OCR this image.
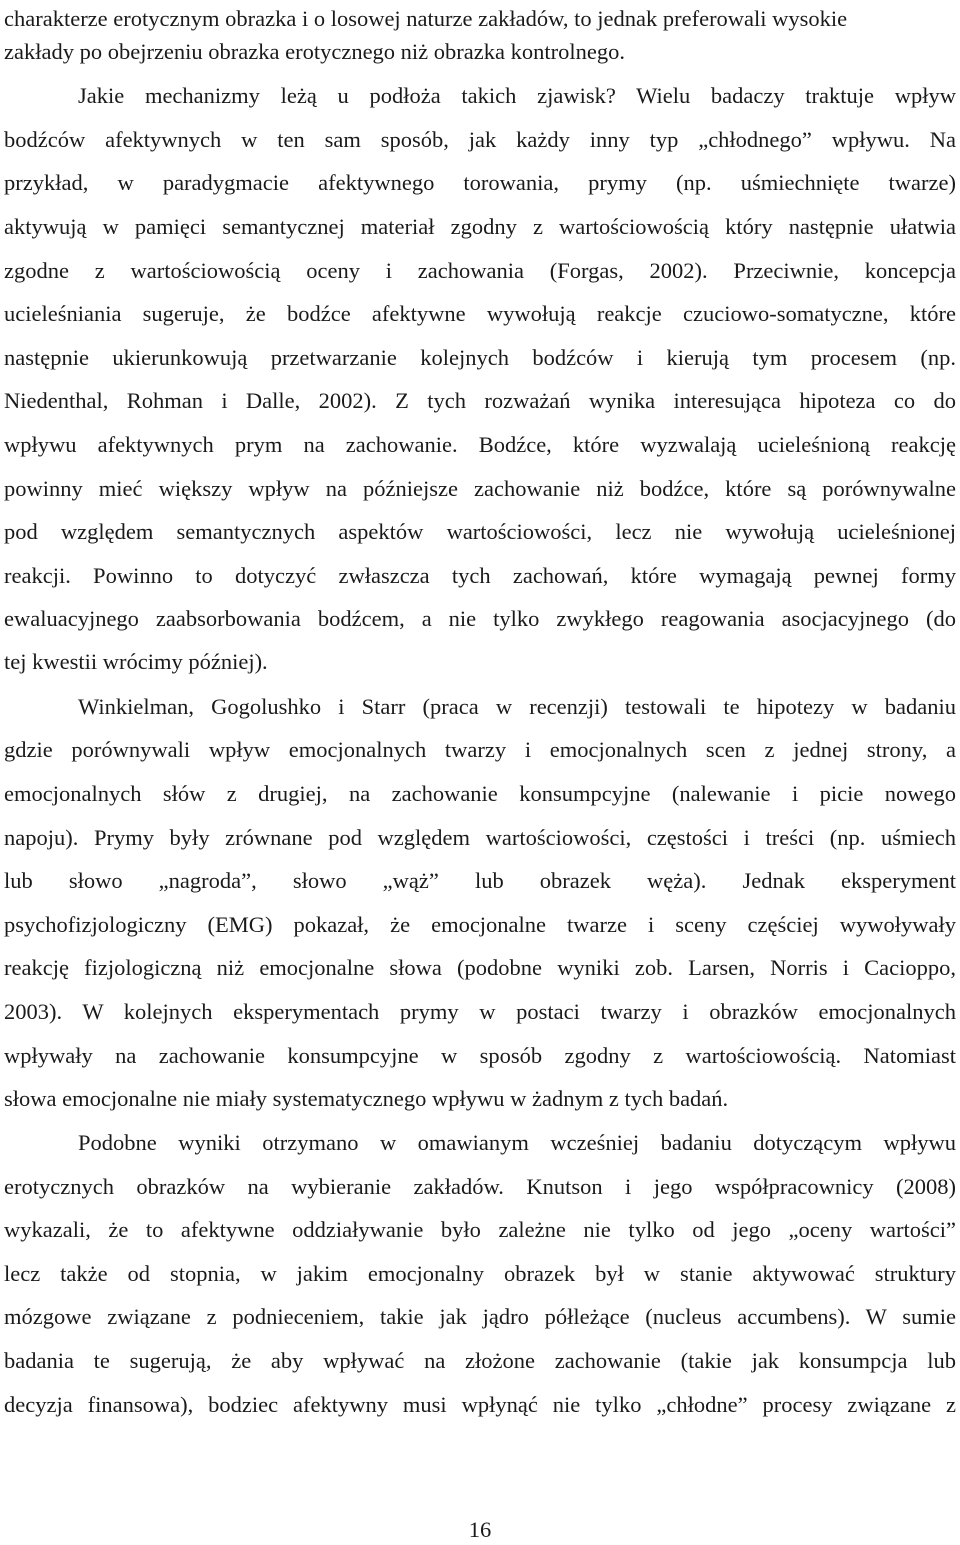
charakterze erotycznym obrazka i o losowej naturze zakładów, to jednak preferowali wysokie
zakłady po obejrzeniu obrazka erotycznego niż obrazka kontrolnego.
Jakie mechanizmy leżą u podłoża takich zjawisk? Wielu badaczy traktuje wpływ
bodźców afektywnych w ten sam sposób, jak każdy inny typ „chłodnego” wpływu. Na
przykład, w paradygmacie afektywnego torowania, prymy (np. uśmiechnięte twarze)
aktywują w pamięci semantycznej materiał zgodny z wartościowością który następnie ułatwia
zgodne z wartościowością oceny i zachowania (Forgas, 2002). Przeciwnie, koncepcja
ucieleśniania sugeruje, że bodźce afektywne wywołują reakcje czuciowo-somatyczne, które
następnie ukierunkowują przetwarzanie kolejnych bodźców i kierują tym procesem (np.
Niedenthal, Rohman i Dalle, 2002). Z tych rozważań wynika interesująca hipoteza co do
wpływu afektywnych prym na zachowanie. Bodźce, które wyzwalają ucieleśnioną reakcję
powinny mieć większy wpływ na późniejsze zachowanie niż bodźce, które są porównywalne
pod względem semantycznych aspektów wartościowości, lecz nie wywołują ucieleśnionej
reakcji. Powinno to dotyczyć zwłaszcza tych zachowań, które wymagają pewnej formy
ewaluacyjnego zaabsorbowania bodźcem, a nie tylko zwykłego reagowania asocjacyjnego (do
tej kwestii wrócimy później).
Winkielman, Gogolushko i Starr (praca w recenzji) testowali te hipotezy w badaniu
gdzie porównywali wpływ emocjonalnych twarzy i emocjonalnych scen z jednej strony, a
emocjonalnych słów z drugiej, na zachowanie konsumpcyjne (nalewanie i picie nowego
napoju). Prymy były zrównane pod względem wartościowości, częstości i treści (np. uśmiech
lub słowo „nagroda”, słowo „wąż” lub obrazek węża). Jednak eksperyment
psychofizjologiczny (EMG) pokazał, że emocjonalne twarze i sceny częściej wywoływały
reakcję fizjologiczną niż emocjonalne słowa (podobne wyniki zob. Larsen, Norris i Cacioppo,
2003). W kolejnych eksperymentach prymy w postaci twarzy i obrazków emocjonalnych
wpływały na zachowanie konsumpcyjne w sposób zgodny z wartościowością. Natomiast
słowa emocjonalne nie miały systematycznego wpływu w żadnym z tych badań.
Podobne wyniki otrzymano w omawianym wcześniej badaniu dotyczącym wpływu
erotycznych obrazków na wybieranie zakładów. Knutson i jego współpracownicy (2008)
wykazali, że to afektywne oddziaływanie było zależne nie tylko od jego „oceny wartości”
lecz także od stopnia, w jakim emocjonalny obrazek był w stanie aktywować struktury
mózgowe związane z podnieceniem, takie jak jądro półleżące (nucleus accumbens). W sumie
badania te sugerują, że aby wpływać na złożone zachowanie (takie jak konsumpcja lub
decyzja finansowa), bodziec afektywny musi wpłynąć nie tylko „chłodne” procesy związane z
16
